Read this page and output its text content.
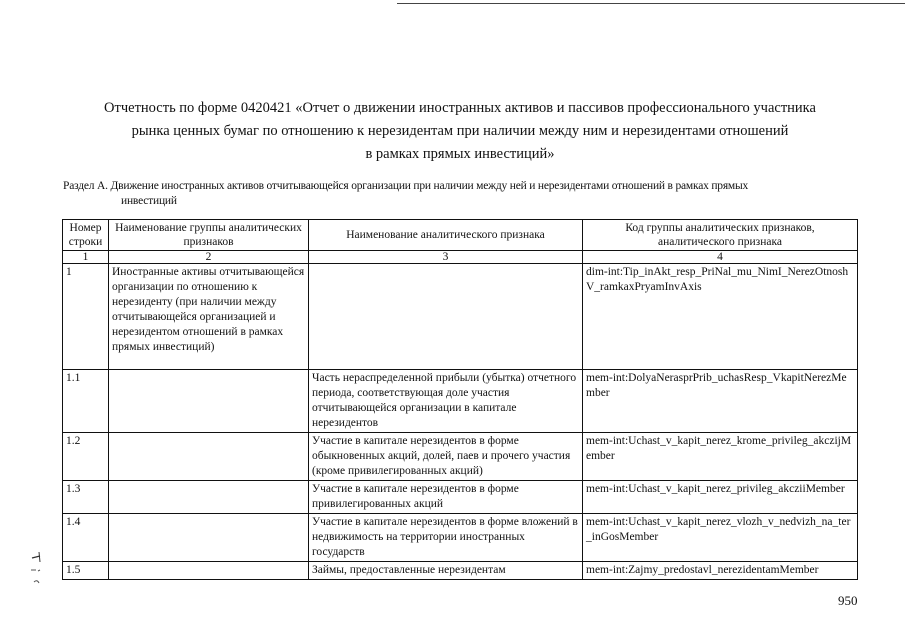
Отчетность по форме 0420421 «Отчет о движении иностранных активов и пассивов профессионального участника
рынка ценных бумаг по отношению к нерезидентам при наличии между ним и нерезидентами отношений
в рамках прямых инвестиций»
Раздел А. Движение иностранных активов отчитывающейся организации при наличии между ней и нерезидентами отношений в рамках прямых
инвестиций
Номер строки	Наименование группы аналитических признаков	Наименование аналитического признака	Код группы аналитических признаков, аналитического признака
1	2	3	4
1	Иностранные активы отчитывающейся организации по отношению к нерезиденту (при наличии между отчитывающейся организацией и нерезидентом отношений в рамках прямых инвестиций)		dim-int:Tip_inAkt_resp_PriNal_mu_NimI_NerezOtnoshV_ramkaxPryamInvAxis
1.1		Часть нераспределенной прибыли (убытка) отчетного периода, соответствующая доле участия отчитывающейся организации в капитале нерезидентов	mem-int:DolyaNerasprPrib_uchasResp_VkapitNerezMember
1.2		Участие в капитале нерезидентов в форме обыкновенных акций, долей, паев и прочего участия (кроме привилегированных акций)	mem-int:Uchast_v_kapit_nerez_krome_privileg_akczijMember
1.3		Участие в капитале нерезидентов в форме привилегированных акций	mem-int:Uchast_v_kapit_nerez_privileg_akcziiMember
1.4		Участие в капитале нерезидентов в форме вложений в недвижимость на территории иностранных государств	mem-int:Uchast_v_kapit_nerez_vlozh_v_nedvizh_na_ter_inGosMember
1.5		Займы, предоставленные нерезидентам	mem-int:Zajmy_predostavl_nerezidentamMember
950
